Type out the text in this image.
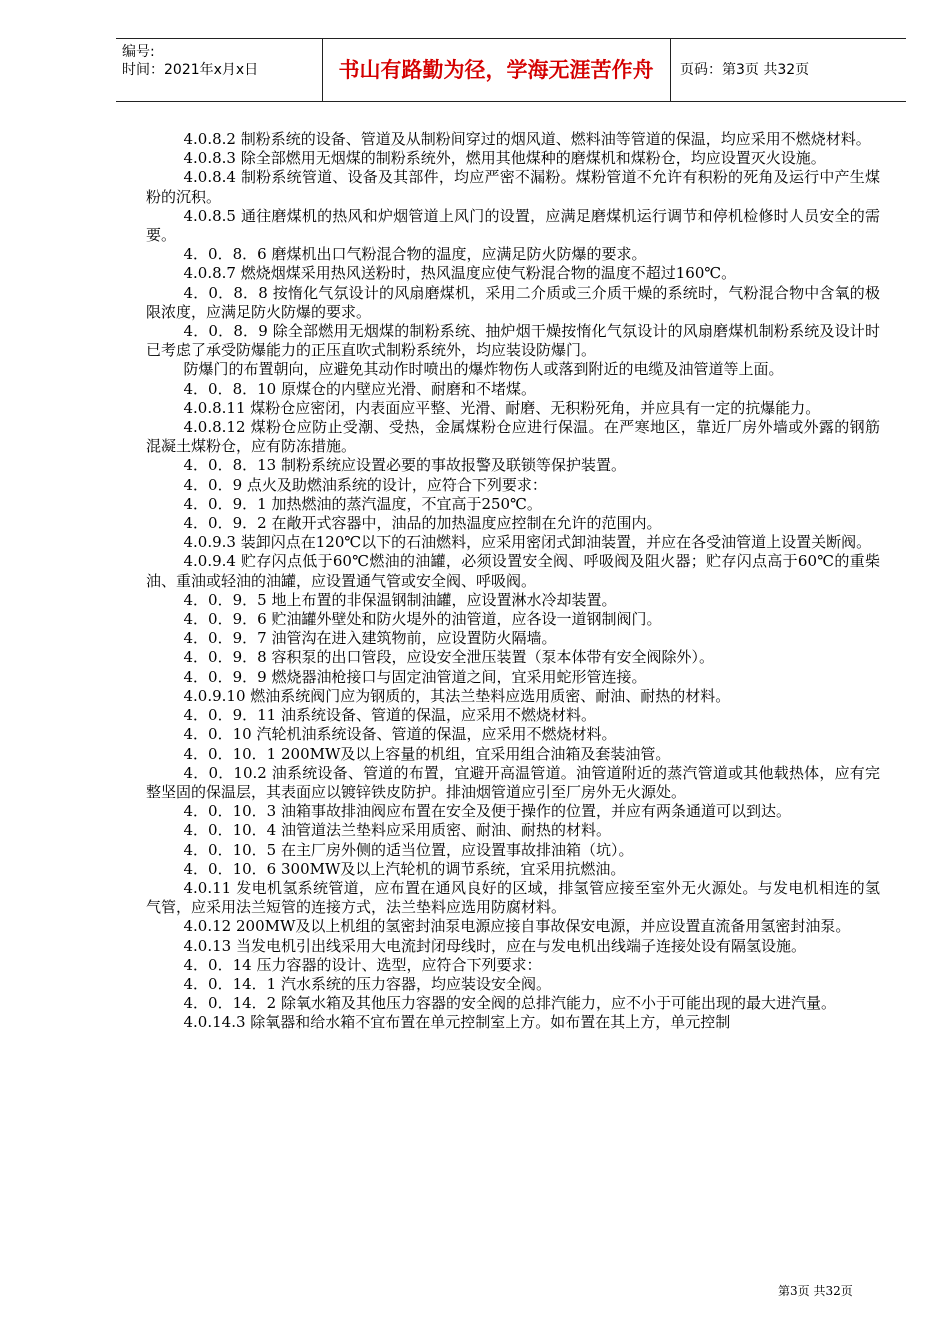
编号:
时间：2021年x月x日	书山有路勤为径，学海无涯苦作舟	页码：第3页 共32页

4.0.8.2 制粉系统的设备、管道及从制粉间穿过的烟风道、燃料油等管道的保温，均应采用不燃烧材料。

4.0.8.3 除全部燃用无烟煤的制粉系统外，燃用其他煤种的磨煤机和煤粉仓，均应设置灭火设施。

4.0.8.4 制粉系统管道、设备及其部件，均应严密不漏粉。煤粉管道不允许有积粉的死角及运行中产生煤粉的沉积。

4.0.8.5 通往磨煤机的热风和炉烟管道上风门的设置，应满足磨煤机运行调节和停机检修时人员安全的需要。

4．0．8．6 磨煤机出口气粉混合物的温度，应满足防火防爆的要求。

4.0.8.7 燃烧烟煤采用热风送粉时，热风温度应使气粉混合物的温度不超过160℃。

4．0．8．8 按惰化气氛设计的风扇磨煤机，采用二介质或三介质干燥的系统时，气粉混合物中含氧的极限浓度，应满足防火防爆的要求。

4．0．8．9 除全部燃用无烟煤的制粉系统、抽炉烟干燥按惰化气氛设计的风扇磨煤机制粉系统及设计时已考虑了承受防爆能力的正压直吹式制粉系统外，均应装设防爆门。

防爆门的布置朝向，应避免其动作时喷出的爆炸物伤人或落到附近的电缆及油管道等上面。

4．0．8．10 原煤仓的内壁应光滑、耐磨和不堵煤。

4.0.8.11 煤粉仓应密闭，内表面应平整、光滑、耐磨、无积粉死角，并应具有一定的抗爆能力。

4.0.8.12 煤粉仓应防止受潮、受热，金属煤粉仓应进行保温。在严寒地区，靠近厂房外墙或外露的钢筋混凝土煤粉仓，应有防冻措施。

4．0．8．13 制粉系统应设置必要的事故报警及联锁等保护装置。

4．0．9 点火及助燃油系统的设计，应符合下列要求：

4．0．9．1 加热燃油的蒸汽温度，不宜高于250℃。

4．0．9．2 在敞开式容器中，油品的加热温度应控制在允许的范围内。

4.0.9.3 装卸闪点在120℃以下的石油燃料，应采用密闭式卸油装置，并应在各受油管道上设置关断阀。

4.0.9.4 贮存闪点低于60℃燃油的油罐，必须设置安全阀、呼吸阀及阻火器；贮存闪点高于60℃的重柴油、重油或轻油的油罐，应设置通气管或安全阀、呼吸阀。

4．0．9．5 地上布置的非保温钢制油罐，应设置淋水冷却装置。

4．0．9．6 贮油罐外壁处和防火堤外的油管道，应各设一道钢制阀门。

4．0．9．7 油管沟在进入建筑物前，应设置防火隔墙。

4．0．9．8 容积泵的出口管段，应设安全泄压装置（泵本体带有安全阀除外）。

4．0．9．9 燃烧器油枪接口与固定油管道之间，宜采用蛇形管连接。

4.0.9.10 燃油系统阀门应为钢质的，其法兰垫料应选用质密、耐油、耐热的材料。

4．0．9．11 油系统设备、管道的保温，应采用不燃烧材料。

4．0．10 汽轮机油系统设备、管道的保温，应采用不燃烧材料。

4．0．10．1 200MW及以上容量的机组，宜采用组合油箱及套装油管。

4．0．10.2 油系统设备、管道的布置，宜避开高温管道。油管道附近的蒸汽管道或其他载热体，应有完整坚固的保温层，其表面应以镀锌铁皮防护。排油烟管道应引至厂房外无火源处。

4．0．10．3 油箱事故排油阀应布置在安全及便于操作的位置，并应有两条通道可以到达。

4．0．10．4 油管道法兰垫料应采用质密、耐油、耐热的材料。

4．0．10．5 在主厂房外侧的适当位置，应设置事故排油箱（坑）。

4．0．10．6 300MW及以上汽轮机的调节系统，宜采用抗燃油。

4.0.11 发电机氢系统管道，应布置在通风良好的区域，排氢管应接至室外无火源处。与发电机相连的氢气管，应采用法兰短管的连接方式，法兰垫料应选用防腐材料。

4.0.12 200MW及以上机组的氢密封油泵电源应接自事故保安电源，并应设置直流备用氢密封油泵。

4.0.13 当发电机引出线采用大电流封闭母线时，应在与发电机出线端子连接处设有隔氢设施。

4．0．14 压力容器的设计、选型，应符合下列要求：

4．0．14．1 汽水系统的压力容器，均应装设安全阀。

4．0．14．2 除氧水箱及其他压力容器的安全阀的总排汽能力，应不小于可能出现的最大进汽量。

4.0.14.3 除氧器和给水箱不宜布置在单元控制室上方。如布置在其上方，单元控制

第3页 共32页
